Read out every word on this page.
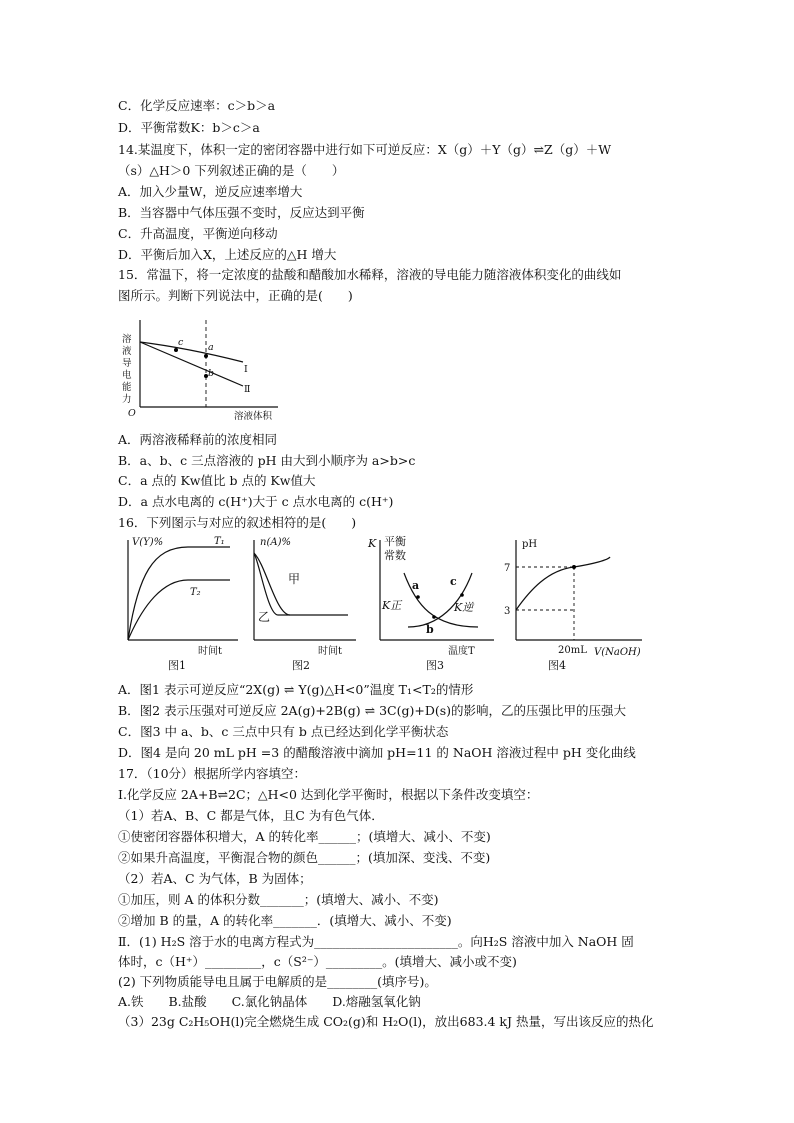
C．化学反应速率：c＞b＞a
D．平衡常数K：b＞c＞a
14.某温度下，体积一定的密闭容器中进行如下可逆反应：X（g）＋Y（g）⇌Z（g）＋W
（s）△H＞0 下列叙述正确的是（　　）
A．加入少量W，逆反应速率增大
B．当容器中气体压强不变时，反应达到平衡
C．升高温度，平衡逆向移动
D．平衡后加入X，上述反应的△H 增大
15．常温下，将一定浓度的盐酸和醋酸加水稀释，溶液的导电能力随溶液体积变化的曲线如
图所示。判断下列说法中，正确的是(　　)
溶
液
导
电
能
力
O	溶液体积
Ⅰ
Ⅱ
a
b
c
A．两溶液稀释前的浓度相同
B．a、b、c 三点溶液的 pH 由大到小顺序为 a>b>c
C．a 点的 Kw值比 b 点的 Kw值大
D．a 点水电离的 c(H⁺)大于 c 点水电离的 c(H⁺)
16．下列图示与对应的叙述相符的是(　　)
V(Y)%	T₁
T₂
时间t
图1
n(A)%
甲
乙
时间t
图2
K 平衡
常数
K正	K逆
a
b
c
温度T
图3
pH
7
3
20mL V(NaOH)
图4
A．图1 表示可逆反应“2X(g) ⇌ Y(g)△H<0”温度 T₁<T₂的情形
B．图2 表示压强对可逆反应 2A(g)+2B(g) ⇌ 3C(g)+D(s)的影响，乙的压强比甲的压强大
C．图3 中 a、b、c 三点中只有 b 点已经达到化学平衡状态
D．图4 是向 20 mL pH =3 的醋酸溶液中滴加 pH=11 的 NaOH 溶液过程中 pH 变化曲线
17．（10分）根据所学内容填空：
Ⅰ.化学反应 2A+B⇌2C；△H<0 达到化学平衡时，根据以下条件改变填空：
（1）若A、B、C 都是气体，且C 为有色气体．
①使密闭容器体积增大，A 的转化率______；(填增大、减小、不变)
②如果升高温度，平衡混合物的颜色______；(填加深、变浅、不变)
（2）若A、C 为气体，B 为固体；
①加压，则 A 的体积分数_______；(填增大、减小、不变)
②增加 B 的量，A 的转化率_______．(填增大、减小、不变)
Ⅱ．(1) H₂S 溶于水的电离方程式为_______________________。向H₂S 溶液中加入 NaOH 固
体时，c（H⁺）_________，c（S²⁻）_________。(填增大、减小或不变)
(2) 下列物质能导电且属于电解质的是________(填序号)。
A.铁　　B.盐酸　　C.氯化钠晶体　　D.熔融氢氧化钠
（3）23g C₂H₅OH(l)完全燃烧生成 CO₂(g)和 H₂O(l)，放出683.4 kJ 热量，写出该反应的热化
